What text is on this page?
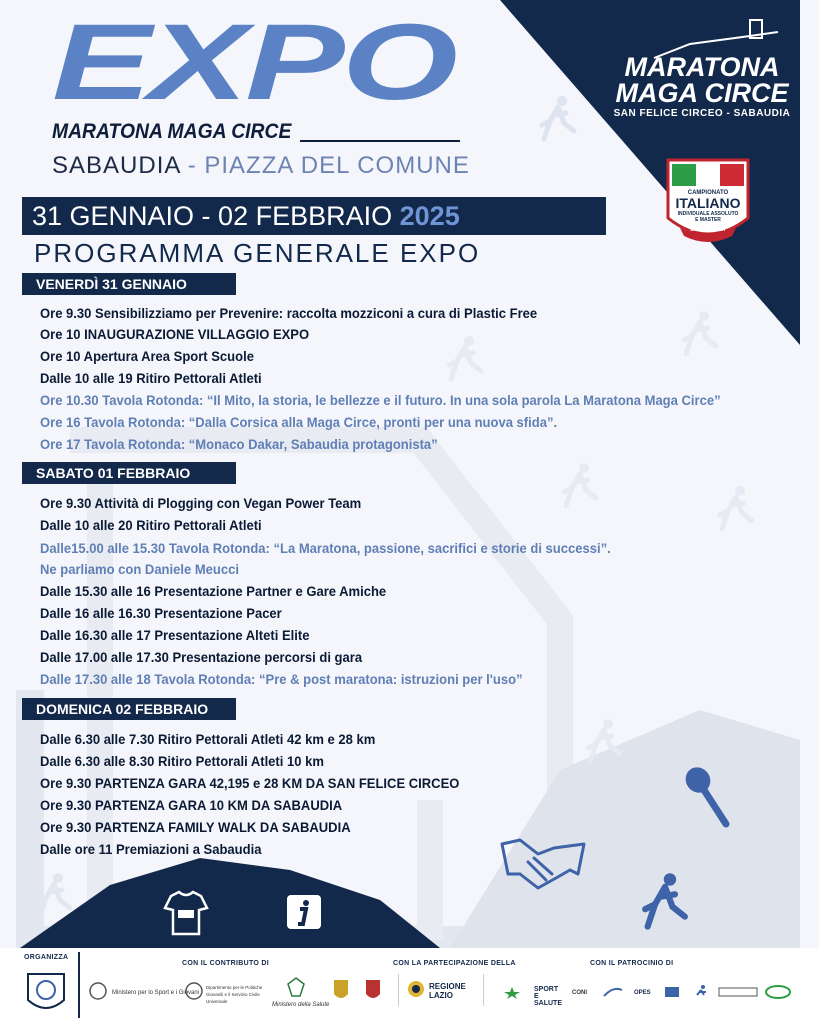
EXPO
MARATONA MAGA CIRCE
SABAUDIA - PIAZZA DEL COMUNE
31 GENNAIO - 02 FEBBRAIO 2025
PROGRAMMA GENERALE EXPO
MARATONA
MAGA CIRCE
SAN FELICE CIRCEO - SABAUDIA
CAMPIONATO
ITALIANO
INDIVIDUALE ASSOLUTO
E MASTER
DI MARATONA
VENERDÌ 31 GENNAIO
Ore 9.30 Sensibilizziamo per Prevenire: raccolta mozziconi a cura di Plastic Free
Ore 10 INAUGURAZIONE VILLAGGIO EXPO
Ore 10 Apertura Area Sport Scuole
Dalle 10 alle 19 Ritiro Pettorali Atleti
Ore 10.30 Tavola Rotonda: “Il Mito, la storia, le bellezze e il futuro. In una sola parola La Maratona Maga Circe”
Ore 16 Tavola Rotonda: “Dalla Corsica alla Maga Circe, pronti per una nuova sfida”.
Ore 17 Tavola Rotonda: “Monaco Dakar, Sabaudia protagonista”
SABATO 01 FEBBRAIO
Ore 9.30 Attività di Plogging con Vegan Power Team
Dalle 10 alle 20 Ritiro Pettorali Atleti
Dalle15.00 alle 15.30 Tavola Rotonda: “La Maratona, passione, sacrifici e storie di successi”.
Ne parliamo con Daniele Meucci
Dalle 15.30 alle 16 Presentazione Partner e Gare Amiche
Dalle 16 alle 16.30 Presentazione Pacer
Dalle 16.30 alle 17 Presentazione Alteti Elite
Dalle 17.00 alle 17.30 Presentazione percorsi di gara
Dalle 17.30 alle 18 Tavola Rotonda: “Pre & post maratona: istruzioni per l'uso”
DOMENICA 02 FEBBRAIO
Dalle 6.30 alle 7.30 Ritiro Pettorali Atleti 42 km e 28 km
Dalle 6.30 alle 8.30 Ritiro Pettorali Atleti 10 km
Ore 9.30 PARTENZA GARA 42,195 e 28 KM DA SAN FELICE CIRCEO
Ore 9.30 PARTENZA GARA 10 KM DA SABAUDIA
Ore 9.30 PARTENZA FAMILY WALK DA SABAUDIA
Dalle ore 11 Premiazioni a Sabaudia
ORGANIZZA
CON IL CONTRIBUTO DI	CON LA PARTECIPAZIONE DELLA	CON IL PATROCINIO DI
Ministero per lo Sport e i Giovani
Dipartimento per le Politiche Giovanili e il Servizio Civile Universale
Ministero della Salute
REGIONE LAZIO
SPORT E SALUTE
CONI	OPES
